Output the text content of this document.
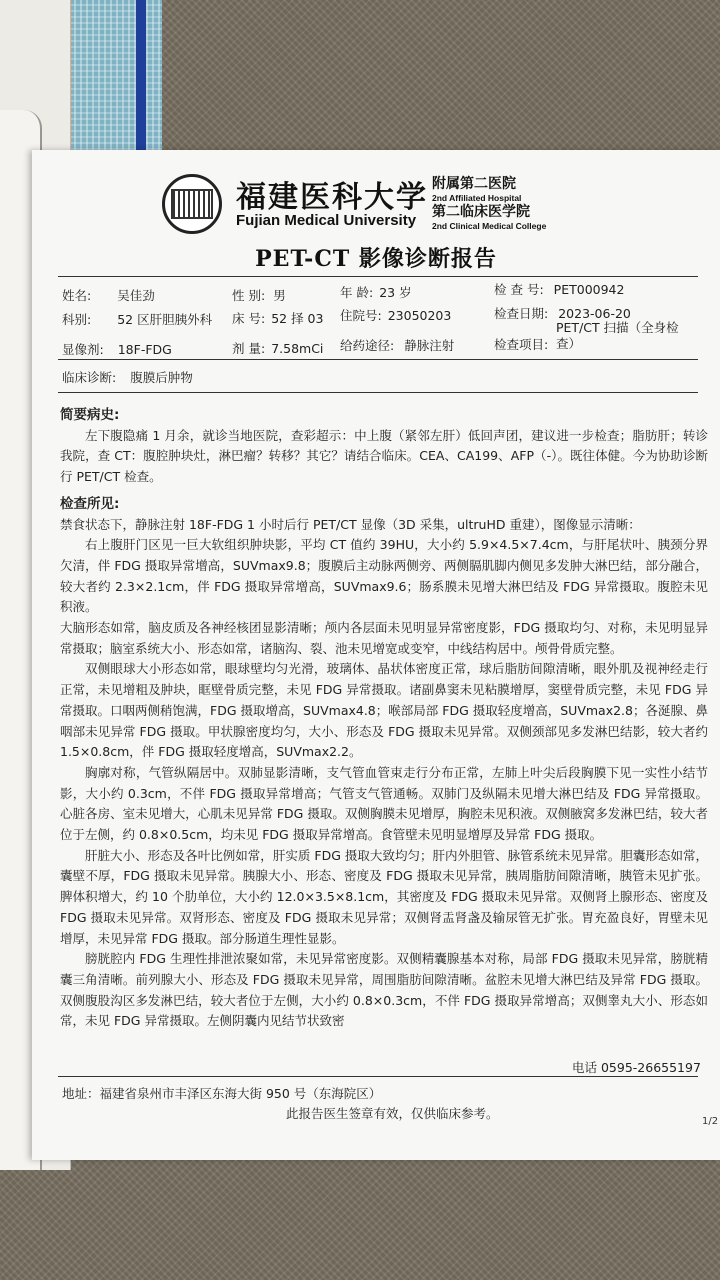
福建医科大学
Fujian Medical University
附属第二医院
2nd Affiliated Hospital
第二临床医学院
2nd Clinical Medical College
PET-CT 影像诊断报告
姓名: 吴佳劲	性 别: 男	年 龄: 23 岁	检 查 号: PET000942
科别: 52 区肝胆胰外科 床 号: 52 择 03 住院号: 23050203	检查日期: 2023-06-20
显像剂: 18F-FDG	剂 量: 7.58mCi 给药途径: 静脉注射	检查项目:
PET/CT 扫描（全身检
查）
临床诊断: 腹膜后肿物
简要病史:

左下腹隐痛 1 月余，就诊当地医院，查彩超示：中上腹（紧邻左肝）低回声团，建议进一步检查；脂肪肝；转诊我院，查 CT：腹腔肿块灶，淋巴瘤？转移？其它？请结合临床。CEA、CA199、AFP（-）。既往体健。今为协助诊断行 PET/CT 检查。

检查所见:

禁食状态下，静脉注射 18F-FDG 1 小时后行 PET/CT 显像（3D 采集，ultruHD 重建），图像显示清晰：

右上腹肝门区见一巨大软组织肿块影，平均 CT 值约 39HU，大小约 5.9×4.5×7.4cm，与肝尾状叶、胰颈分界欠清，伴 FDG 摄取异常增高，SUVmax9.8；腹膜后主动脉两侧旁、两侧膈肌脚内侧见多发肿大淋巴结，部分融合，较大者约 2.3×2.1cm，伴 FDG 摄取异常增高，SUVmax9.6；肠系膜未见增大淋巴结及 FDG 异常摄取。腹腔未见积液。

大脑形态如常，脑皮质及各神经核团显影清晰；颅内各层面未见明显异常密度影，FDG 摄取均匀、对称，未见明显异常摄取；脑室系统大小、形态如常，诸脑沟、裂、池未见增宽或变窄，中线结构居中。颅骨骨质完整。

双侧眼球大小形态如常，眼球壁均匀光滑，玻璃体、晶状体密度正常，球后脂肪间隙清晰，眼外肌及视神经走行正常，未见增粗及肿块，眶壁骨质完整，未见 FDG 异常摄取。诸副鼻窦未见粘膜增厚，窦壁骨质完整，未见 FDG 异常摄取。口咽两侧稍饱满，FDG 摄取增高，SUVmax4.8；喉部局部 FDG 摄取轻度增高，SUVmax2.8；各涎腺、鼻咽部未见异常 FDG 摄取。甲状腺密度均匀，大小、形态及 FDG 摄取未见异常。双侧颈部见多发淋巴结影，较大者约 1.5×0.8cm，伴 FDG 摄取轻度增高，SUVmax2.2。

胸廓对称，气管纵隔居中。双肺显影清晰，支气管血管束走行分布正常，左肺上叶尖后段胸膜下见一实性小结节影，大小约 0.3cm，不伴 FDG 摄取异常增高；气管支气管通畅。双肺门及纵隔未见增大淋巴结及 FDG 异常摄取。心脏各房、室未见增大，心肌未见异常 FDG 摄取。双侧胸膜未见增厚，胸腔未见积液。双侧腋窝多发淋巴结，较大者位于左侧，约 0.8×0.5cm，均未见 FDG 摄取异常增高。食管壁未见明显增厚及异常 FDG 摄取。

肝脏大小、形态及各叶比例如常，肝实质 FDG 摄取大致均匀；肝内外胆管、脉管系统未见异常。胆囊形态如常，囊壁不厚，FDG 摄取未见异常。胰腺大小、形态、密度及 FDG 摄取未见异常，胰周脂肪间隙清晰，胰管未见扩张。脾体积增大，约 10 个肋单位，大小约 12.0×3.5×8.1cm，其密度及 FDG 摄取未见异常。双侧肾上腺形态、密度及 FDG 摄取未见异常。双肾形态、密度及 FDG 摄取未见异常；双侧肾盂肾盏及输尿管无扩张。胃充盈良好，胃壁未见增厚，未见异常 FDG 摄取。部分肠道生理性显影。

膀胱腔内 FDG 生理性排泄浓聚如常，未见异常密度影。双侧精囊腺基本对称，局部 FDG 摄取未见异常，膀胱精囊三角清晰。前列腺大小、形态及 FDG 摄取未见异常，周围脂肪间隙清晰。盆腔未见增大淋巴结及异常 FDG 摄取。双侧腹股沟区多发淋巴结，较大者位于左侧，大小约 0.8×0.3cm，不伴 FDG 摄取异常增高；双侧睾丸大小、形态如常，未见 FDG 异常摄取。左侧阴囊内见结节状致密

电话 0595-26655197
地址：福建省泉州市丰泽区东海大街 950 号（东海院区）
此报告医生签章有效，仅供临床参考。
1/2
